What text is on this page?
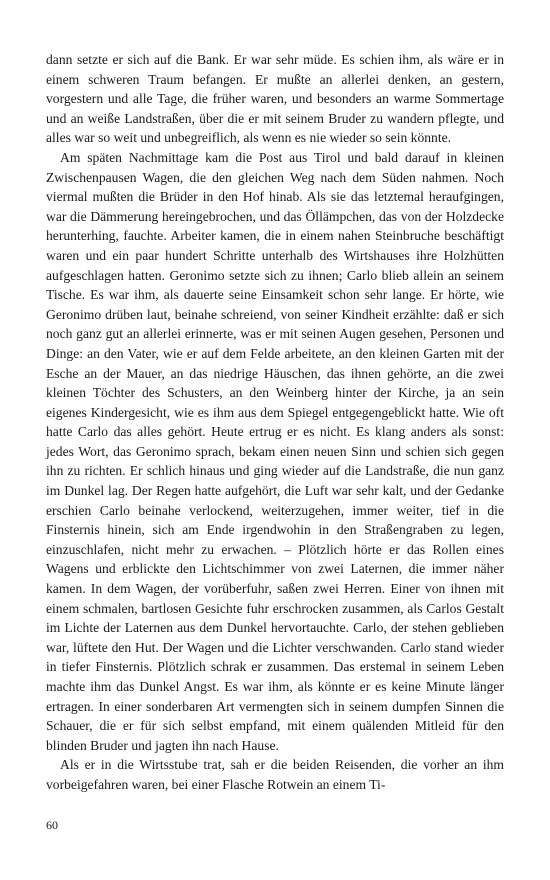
dann setzte er sich auf die Bank. Er war sehr müde. Es schien ihm, als wäre er in einem schweren Traum befangen. Er mußte an allerlei denken, an gestern, vorgestern und alle Tage, die früher waren, und besonders an warme Sommertage und an weiße Landstraßen, über die er mit seinem Bruder zu wandern pflegte, und alles war so weit und unbegreiflich, als wenn es nie wieder so sein könnte.

Am späten Nachmittage kam die Post aus Tirol und bald darauf in kleinen Zwischenpausen Wagen, die den gleichen Weg nach dem Süden nahmen. Noch viermal mußten die Brüder in den Hof hinab. Als sie das letztemal heraufgingen, war die Dämmerung hereingebrochen, und das Öllämpchen, das von der Holzdecke herunterhing, fauchte. Arbeiter kamen, die in einem nahen Steinbruche beschäftigt waren und ein paar hundert Schritte unterhalb des Wirtshauses ihre Holzhütten aufgeschlagen hatten. Geronimo setzte sich zu ihnen; Carlo blieb allein an seinem Tische. Es war ihm, als dauerte seine Einsamkeit schon sehr lange. Er hörte, wie Geronimo drüben laut, beinahe schreiend, von seiner Kindheit erzählte: daß er sich noch ganz gut an allerlei erinnerte, was er mit seinen Augen gesehen, Personen und Dinge: an den Vater, wie er auf dem Felde arbeitete, an den kleinen Garten mit der Esche an der Mauer, an das niedrige Häuschen, das ihnen gehörte, an die zwei kleinen Töchter des Schusters, an den Weinberg hinter der Kirche, ja an sein eigenes Kindergesicht, wie es ihm aus dem Spiegel entgegengeblickt hatte. Wie oft hatte Carlo das alles gehört. Heute ertrug er es nicht. Es klang anders als sonst: jedes Wort, das Geronimo sprach, bekam einen neuen Sinn und schien sich gegen ihn zu richten. Er schlich hinaus und ging wieder auf die Landstraße, die nun ganz im Dunkel lag. Der Regen hatte aufgehört, die Luft war sehr kalt, und der Gedanke erschien Carlo beinahe verlockend, weiterzugehen, immer weiter, tief in die Finsternis hinein, sich am Ende irgendwohin in den Straßengraben zu legen, einzuschlafen, nicht mehr zu erwachen. – Plötzlich hörte er das Rollen eines Wagens und erblickte den Lichtschimmer von zwei Laternen, die immer näher kamen. In dem Wagen, der vorüberfuhr, saßen zwei Herren. Einer von ihnen mit einem schmalen, bartlosen Gesichte fuhr erschrocken zusammen, als Carlos Gestalt im Lichte der Laternen aus dem Dunkel hervortauchte. Carlo, der stehen geblieben war, lüftete den Hut. Der Wagen und die Lichter verschwanden. Carlo stand wieder in tiefer Finsternis. Plötzlich schrak er zusammen. Das erstemal in seinem Leben machte ihm das Dunkel Angst. Es war ihm, als könnte er es keine Minute länger ertragen. In einer sonderbaren Art vermengten sich in seinem dumpfen Sinnen die Schauer, die er für sich selbst empfand, mit einem quälenden Mitleid für den blinden Bruder und jagten ihn nach Hause.

Als er in die Wirtsstube trat, sah er die beiden Reisenden, die vorher an ihm vorbeigefahren waren, bei einer Flasche Rotwein an einem Ti-

60
